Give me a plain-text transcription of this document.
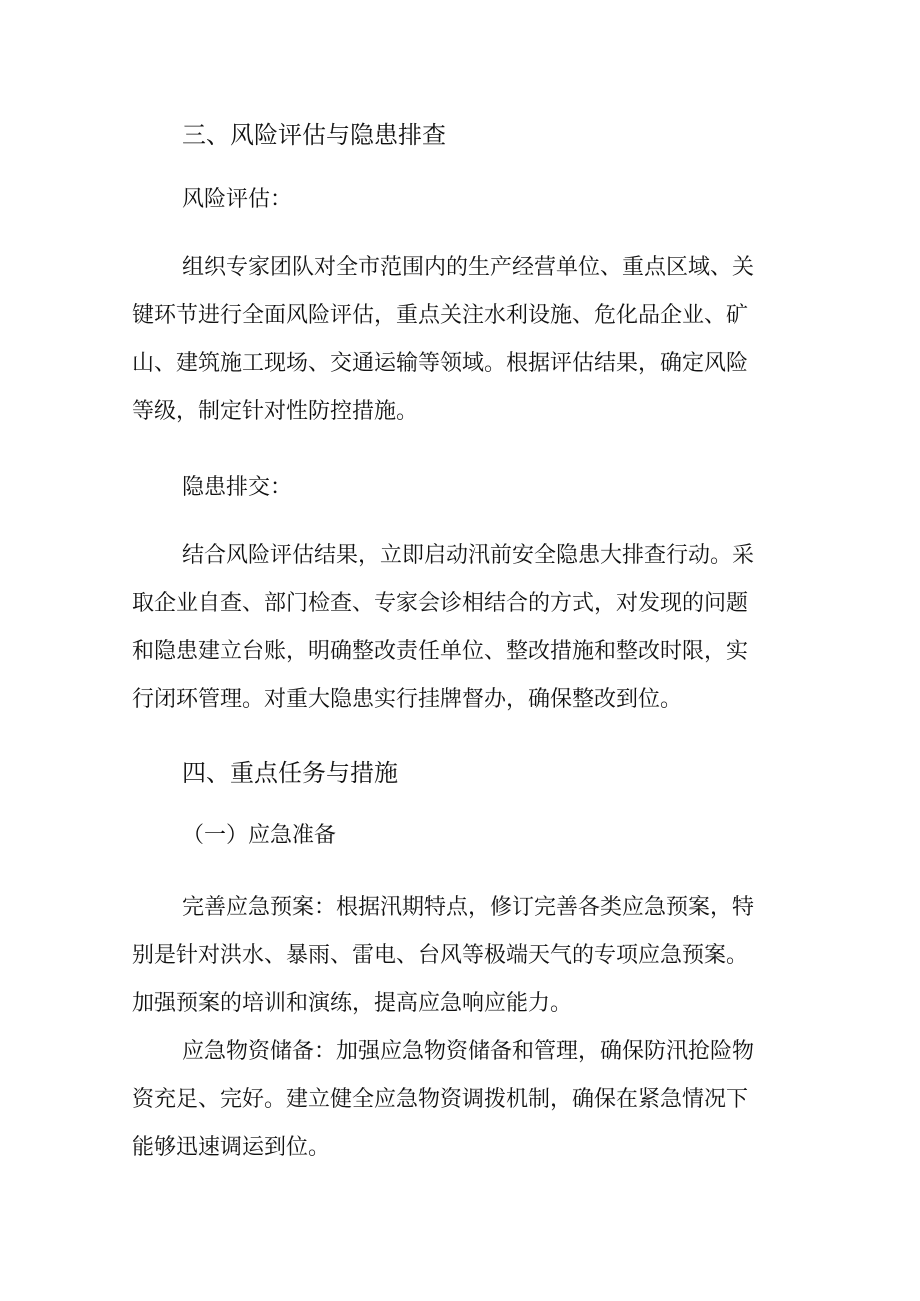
三、风险评估与隐患排查
风险评估：
组织专家团队对全市范围内的生产经营单位、重点区域、关
键环节进行全面风险评估，重点关注水利设施、危化品企业、矿
山、建筑施工现场、交通运输等领域。根据评估结果，确定风险
等级，制定针对性防控措施。
隐患排交：
结合风险评估结果，立即启动汛前安全隐患大排查行动。采
取企业自查、部门检查、专家会诊相结合的方式，对发现的问题
和隐患建立台账，明确整改责任单位、整改措施和整改时限，实
行闭环管理。对重大隐患实行挂牌督办，确保整改到位。
四、重点任务与措施
（一）应急准备
完善应急预案：根据汛期特点，修订完善各类应急预案，特
别是针对洪水、暴雨、雷电、台风等极端天气的专项应急预案。
加强预案的培训和演练，提高应急响应能力。
应急物资储备：加强应急物资储备和管理，确保防汛抢险物
资充足、完好。建立健全应急物资调拨机制，确保在紧急情况下
能够迅速调运到位。
